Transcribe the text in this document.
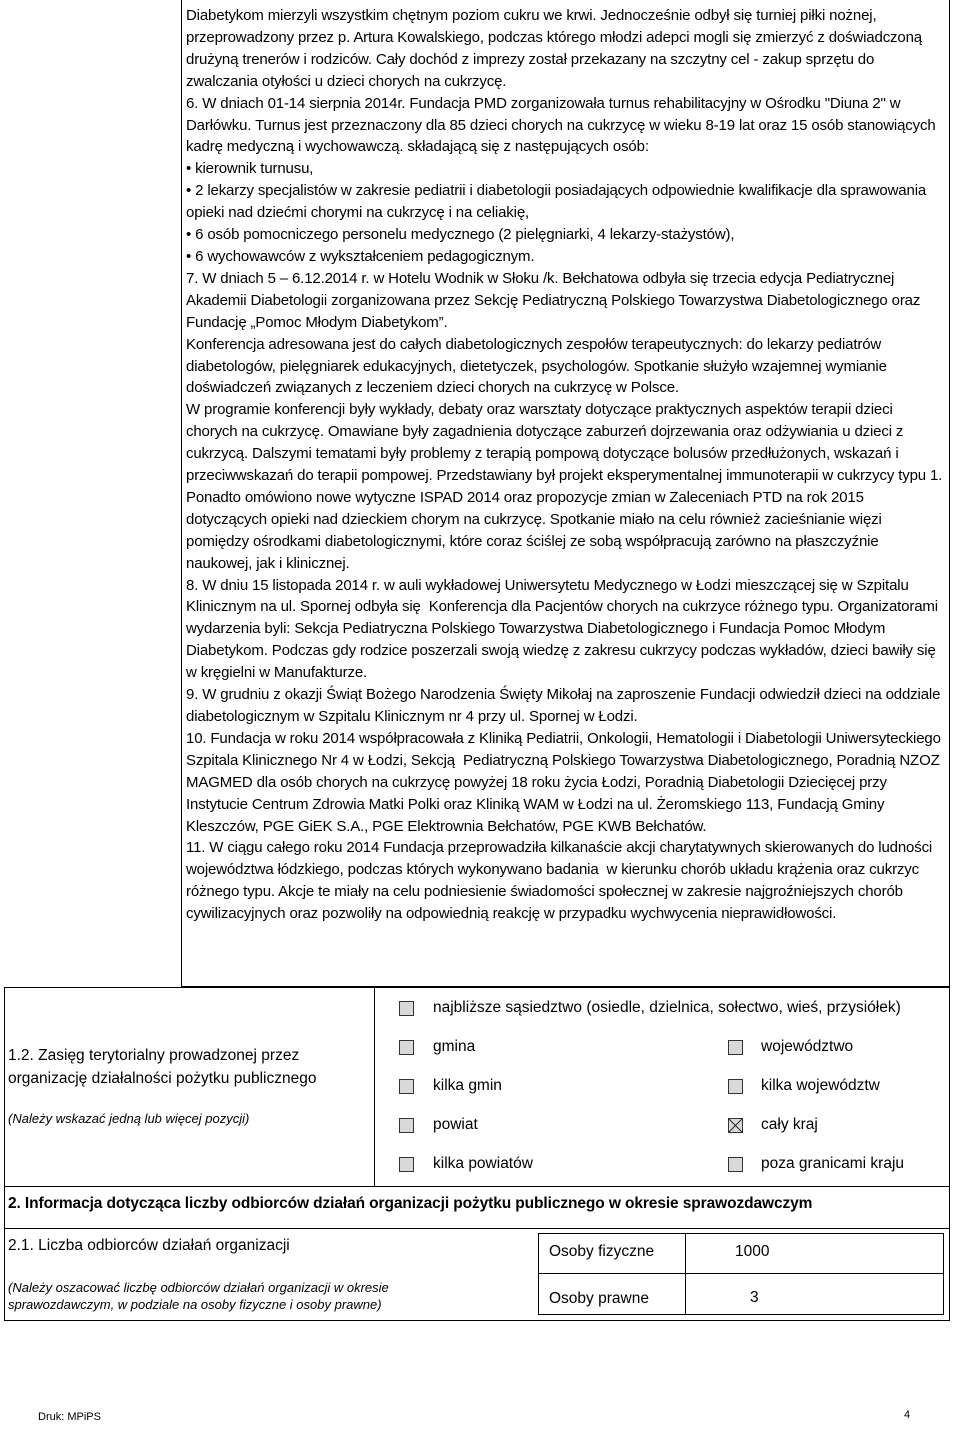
Diabetykom mierzyli wszystkim chętnym poziom cukru we krwi. Jednocześnie odbył się turniej piłki nożnej, przeprowadzony przez p. Artura Kowalskiego, podczas którego młodzi adepci mogli się zmierzyć z doświadczoną drużyną trenerów i rodziców. Cały dochód z imprezy został przekazany na szczytny cel - zakup sprzętu do zwalczania otyłości u dzieci chorych na cukrzycę.

6. W dniach 01-14 sierpnia 2014r. Fundacja PMD zorganizowała turnus rehabilitacyjny w Ośrodku "Diuna 2" w Darłówku. Turnus jest przeznaczony dla 85 dzieci chorych na cukrzycę w wieku 8-19 lat oraz 15 osób stanowiących kadrę medyczną i wychowawczą. składającą się z następujących osób:

• kierownik turnusu,

• 2 lekarzy specjalistów w zakresie pediatrii i diabetologii posiadających odpowiednie kwalifikacje dla sprawowania opieki nad dziećmi chorymi na cukrzycę i na celiakię,

• 6 osób pomocniczego personelu medycznego (2 pielęgniarki, 4 lekarzy-stażystów),

• 6 wychowawców z wykształceniem pedagogicznym.

7. W dniach 5 – 6.12.2014 r. w Hotelu Wodnik w Słoku /k. Bełchatowa odbyła się trzecia edycja Pediatrycznej Akademii Diabetologii zorganizowana przez Sekcję Pediatryczną Polskiego Towarzystwa Diabetologicznego oraz Fundację „Pomoc Młodym Diabetykom”.

Konferencja adresowana jest do całych diabetologicznych zespołów terapeutycznych: do lekarzy pediatrów diabetologów, pielęgniarek edukacyjnych, dietetyczek, psychologów. Spotkanie służyło wzajemnej wymianie doświadczeń związanych z leczeniem dzieci chorych na cukrzycę w Polsce.

W programie konferencji były wykłady, debaty oraz warsztaty dotyczące praktycznych aspektów terapii dzieci chorych na cukrzycę. Omawiane były zagadnienia dotyczące zaburzeń dojrzewania oraz odżywiania u dzieci z cukrzycą. Dalszymi tematami były problemy z terapią pompową dotyczące bolusów przedłużonych, wskazań i przeciwwskazań do terapii pompowej. Przedstawiany był projekt eksperymentalnej immunoterapii w cukrzycy typu 1. Ponadto omówiono nowe wytyczne ISPAD 2014 oraz propozycje zmian w Zaleceniach PTD na rok 2015 dotyczących opieki nad dzieckiem chorym na cukrzycę. Spotkanie miało na celu również zacieśnianie więzi pomiędzy ośrodkami diabetologicznymi, które coraz ściślej ze sobą współpracują zarówno na płaszczyźnie naukowej, jak i klinicznej.

8. W dniu 15 listopada 2014 r. w auli wykładowej Uniwersytetu Medycznego w Łodzi mieszczącej się w Szpitalu Klinicznym na ul. Spornej odbyła się  Konferencja dla Pacjentów chorych na cukrzyce różnego typu. Organizatorami wydarzenia byli: Sekcja Pediatryczna Polskiego Towarzystwa Diabetologicznego i Fundacja Pomoc Młodym Diabetykom. Podczas gdy rodzice poszerzali swoją wiedzę z zakresu cukrzycy podczas wykładów, dzieci bawiły się w kręgielni w Manufakturze.

9. W grudniu z okazji Świąt Bożego Narodzenia Święty Mikołaj na zaproszenie Fundacji odwiedził dzieci na oddziale diabetologicznym w Szpitalu Klinicznym nr 4 przy ul. Spornej w Łodzi.

10. Fundacja w roku 2014 współpracowała z Kliniką Pediatrii, Onkologii, Hematologii i Diabetologii Uniwersyteckiego Szpitala Klinicznego Nr 4 w Łodzi, Sekcją  Pediatryczną Polskiego Towarzystwa Diabetologicznego, Poradnią NZOZ MAGMED dla osób chorych na cukrzycę powyżej 18 roku życia Łodzi, Poradnią Diabetologii Dziecięcej przy Instytucie Centrum Zdrowia Matki Polki oraz Kliniką WAM w Łodzi na ul. Żeromskiego 113, Fundacją Gminy Kleszczów, PGE GiEK S.A., PGE Elektrownia Bełchatów, PGE KWB Bełchatów.

11. W ciągu całego roku 2014 Fundacja przeprowadziła kilkanaście akcji charytatywnych skierowanych do ludności województwa łódzkiego, podczas których wykonywano badania  w kierunku chorób układu krążenia oraz cukrzyc różnego typu. Akcje te miały na celu podniesienie świadomości społecznej w zakresie najgroźniejszych chorób cywilizacyjnych oraz pozwoliły na odpowiednią reakcję w przypadku wychwycenia nieprawidłowości.

1.2. Zasięg terytorialny prowadzonej przez organizację działalności pożytku publicznego
(Należy wskazać jedną lub więcej pozycji)
najbliższe sąsiedztwo (osiedle, dzielnica, sołectwo, wieś, przysiółek)
gmina
kilka gmin
powiat
kilka powiatów
województwo
kilka województw
cały kraj
poza granicami kraju
2. Informacja dotycząca liczby odbiorców działań organizacji pożytku publicznego w okresie sprawozdawczym
2.1. Liczba odbiorców działań organizacji
(Należy oszacować liczbę odbiorców działań organizacji w okresie sprawozdawczym, w podziale na osoby fizyczne i osoby prawne)
Osoby fizyczne	1000
Osoby prawne	3
Druk: MPiPS	4
